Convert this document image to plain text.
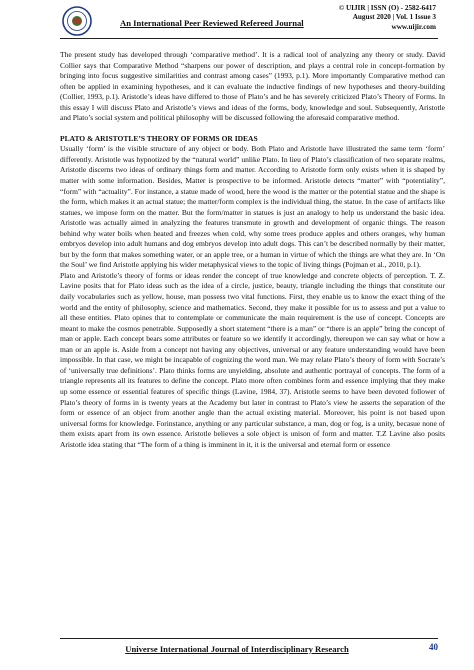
An International Peer Reviewed Refereed Journal
© UIJIR | ISSN (O) - 2582-6417
August 2020 | Vol. 1 Issue 3
www.uijir.com

The present study has developed through ‘comparative method’. It is a radical tool of analyzing any theory or study. David Collier says that Comparative Method “sharpens our power of description, and plays a central role in concept-formation by bringing into focus suggestive similarities and contrast among cases” (1993, p.1). More importantly Comparative method can often be applied in examining hypotheses, and it can evaluate the inductive findings of new hypotheses and theory-building (Collier, 1993, p.1). Aristotle’s ideas have differed to those of Plato’s and he has severely criticized Plato’s Theory of Forms. In this essay I will discuss Plato and Aristotle’s views and ideas of the forms, body, knowledge and soul. Subsequently, Aristotle and Plato’s social system and political philosophy will be discussed following the aforesaid comparative method.

PLATO & ARISTOTLE’S THEORY OF FORMS OR IDEAS

Usually ‘form’ is the visible structure of any object or body. Both Plato and Aristotle have illustrated the same term ‘form’ differently. Aristotle was hypnotized by the “natural world” unlike Plato. In lieu of Plato’s classification of two separate realms, Aristotle discerns two ideas of ordinary things form and matter. According to Aristotle form only exists when it is shaped by matter with some information. Besides, Matter is prospective to be informed. Aristotle detects “matter” with “potentiality”, “form” with “actuality”. For instance, a statue made of wood, here the wood is the matter or the potential statue and the shape is the form, which makes it an actual statue; the matter/form complex is the individual thing, the statue. In the case of artifacts like statues, we impose form on the matter. But the form/matter in statues is just an analogy to help us understand the basic idea. Aristotle was actually aimed in analyzing the features transmute in growth and development of organic things. The reason behind why water boils when heated and freezes when cold, why some trees produce apples and others oranges, why human embryos develop into adult humans and dog embryos develop into adult dogs. This can’t be described normally by their matter, but by the form that makes something water, or an apple tree, or a human in virtue of which the things are what they are. In ‘On the Soul’ we find Aristotle applying his wider metaphysical views to the topic of living things (Pojman et al., 2010, p.1).

Plato and Aristotle’s theory of forms or ideas render the concept of true knowledge and concrete objects of perception. T. Z. Lavine posits that for Plato ideas such as the idea of a circle, justice, beauty, triangle including the things that constitute our daily vocabularies such as yellow, house, man possess two vital functions. First, they enable us to know the exact thing of the world and the entity of philosophy, science and mathematics. Second, they make it possible for us to assess and put a value to all these entities. Plato opines that to contemplate or communicate the main requirement is the use of concept. Concepts are meant to make the cosmos penetrable. Supposedly a short statement “there is a man” or “there is an apple” bring the concept of man or apple. Each concept bears some attributes or feature so we identify it accordingly, thereupon we can say what or how a man or an apple is. Aside from a concept not having any objectives, universal or any feature understanding would have been impossible. In that case, we might be incapable of cognizing the word man. We may relate Plato’s theory of form with Socrate’s of ‘universally true definitions’. Plato thinks forms are unyielding, absolute and authentic portrayal of concepts. The form of a triangle represents all its features to define the concept. Plato more often combines form and essence implying that they make up some essence or essential features of specific things (Lavine, 1984, 37). Aristotle seems to have been devoted follower of Plato’s theory of forms in is twenty years at the Academy but later in contrast to Plato’s view he asserts the separation of the form or essence of an object from another angle than the actual existing material. Moreover, his point is not based upon universal forms for knowledge. Forinstance, anything or any particular substance, a man, dog or fog, is a unity, becasue none of them exists apart from its own essence. Aristotle believes a sole object is unison of form and matter. T.Z Lavine also posits Aristotle idea stating that “The form of a thing is imminent in it, it is the universal and eternal form or essence

Universe International Journal of Interdisciplinary Research	40
